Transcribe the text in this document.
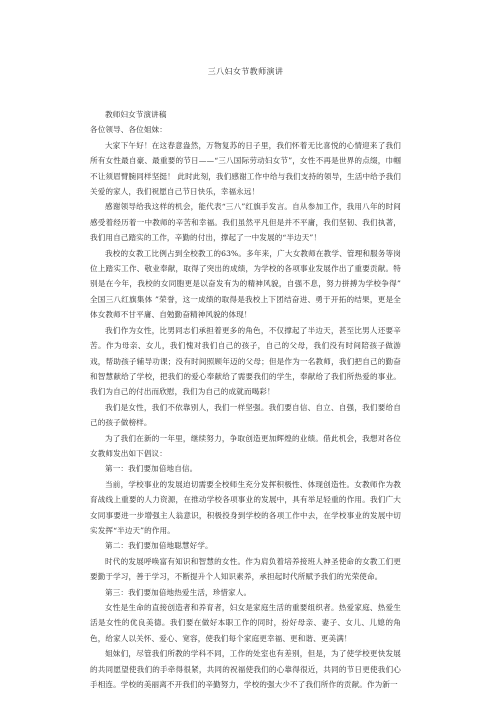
三八妇女节教师演讲

教师妇女节演讲稿

各位领导、各位姐妹：

大家下午好！在这春意盎然，万物复苏的日子里，我们怀着无比喜悦的心情迎来了我们所有女性最自豪、最重要的节日——“三八国际劳动妇女节”，女性不再是世界的点缀，巾帼不让须眉臂腕同样坚挺！ 此时此刻，我们感谢工作中给与我们支持的领导，生活中给予我们关爱的家人，我们祝愿自己节日快乐，幸福永远！

感谢领导给我这样的机会，能代表“三八”红旗手发言。自从参加工作，我用八年的时间感受着经历着一中教师的辛苦和幸福。我们虽然平凡但是并不平庸，我们坚韧、我们执著，我们用自己踏实的工作，辛勤的付出，撑起了一中发展的“半边天”！

我校的女教工比例占到全校教工的63%。多年来，广大女教师在教学、管理和服务等岗位上踏实工作、敬业奉献，取得了突出的成绩，为学校的各项事业发展作出了重要贡献。特别是在今年，我校的女同胞更是以奋发有为的精神风貌，自强不息，努力拼搏为学校争得” 全国三八红旗集体 ”荣誉，这一成绩的取得是我校上下团结奋进、勇于开拓的结果，更是全体女教师不甘平庸、自勉勤奋精神风貌的体现！

我们作为女性，比男同志们承担着更多的角色，不仅撑起了半边天，甚至比男人还要辛苦。作为母亲、女儿，我们愧对我们自己的孩子，自己的父母，我们没有时间陪孩子做游戏，帮助孩子辅导功课；没有时间照顾年迈的父母；但是作为一名教师，我们把自己的勤奋和智慧献给了学校，把我们的爱心奉献给了需要我们的学生，奉献给了我们所热爱的事业。我们为自己的付出而欣慰，我们为自己的成就而喝彩！

我们是女性，我们不依靠别人，我们一样坚强。我们要自信、自立、自强，我们要给自己的孩子做榜样。

为了我们在新的一年里，继续努力，争取创造更加辉煌的业绩。借此机会，我想对各位女教师发出如下倡议：

第一：我们要加倍地自信。

当前，学校事业的发展迫切需要全校师生充分发挥积极性、体现创造性。女教师作为教育战线上重要的人力资源，在推动学校各项事业的发展中，具有举足轻重的作用。我们广大女同事要进一步增强主人翁意识，积极投身到学校的各项工作中去，在学校事业的发展中切实发挥“半边天”的作用。

第二：我们要加倍地聪慧好学。

时代的发展呼唤富有知识和智慧的女性。作为肩负着培养接班人神圣使命的女教工们更要勤于学习，善于学习，不断提升个人知识素养，承担起时代所赋予我们的光荣使命。

第三：我们要加倍地热爱生活，珍惜家人。

女性是生命的直接创造者和养育者，妇女是家庭生活的重要组织者。热爱家庭、热爱生活是女性的优良美德。我们要在做好本职工作的同时，扮好母亲、妻子、女儿、儿媳的角色，给家人以关怀、爱心、宽容，使我们每个家庭更幸福、更和谐、更美满！

姐妹们，尽管我们所教的学科不同，工作的处室也有差别，但是，为了使学校更快发展的共同愿望使我们的手牵得很紧，共同的祝福使我们的心靠得很近，共同的节日更使我们心手相连。学校的美丽离不开我们的辛勤努力，学校的强大少不了我们所作的贡献。作为新一
